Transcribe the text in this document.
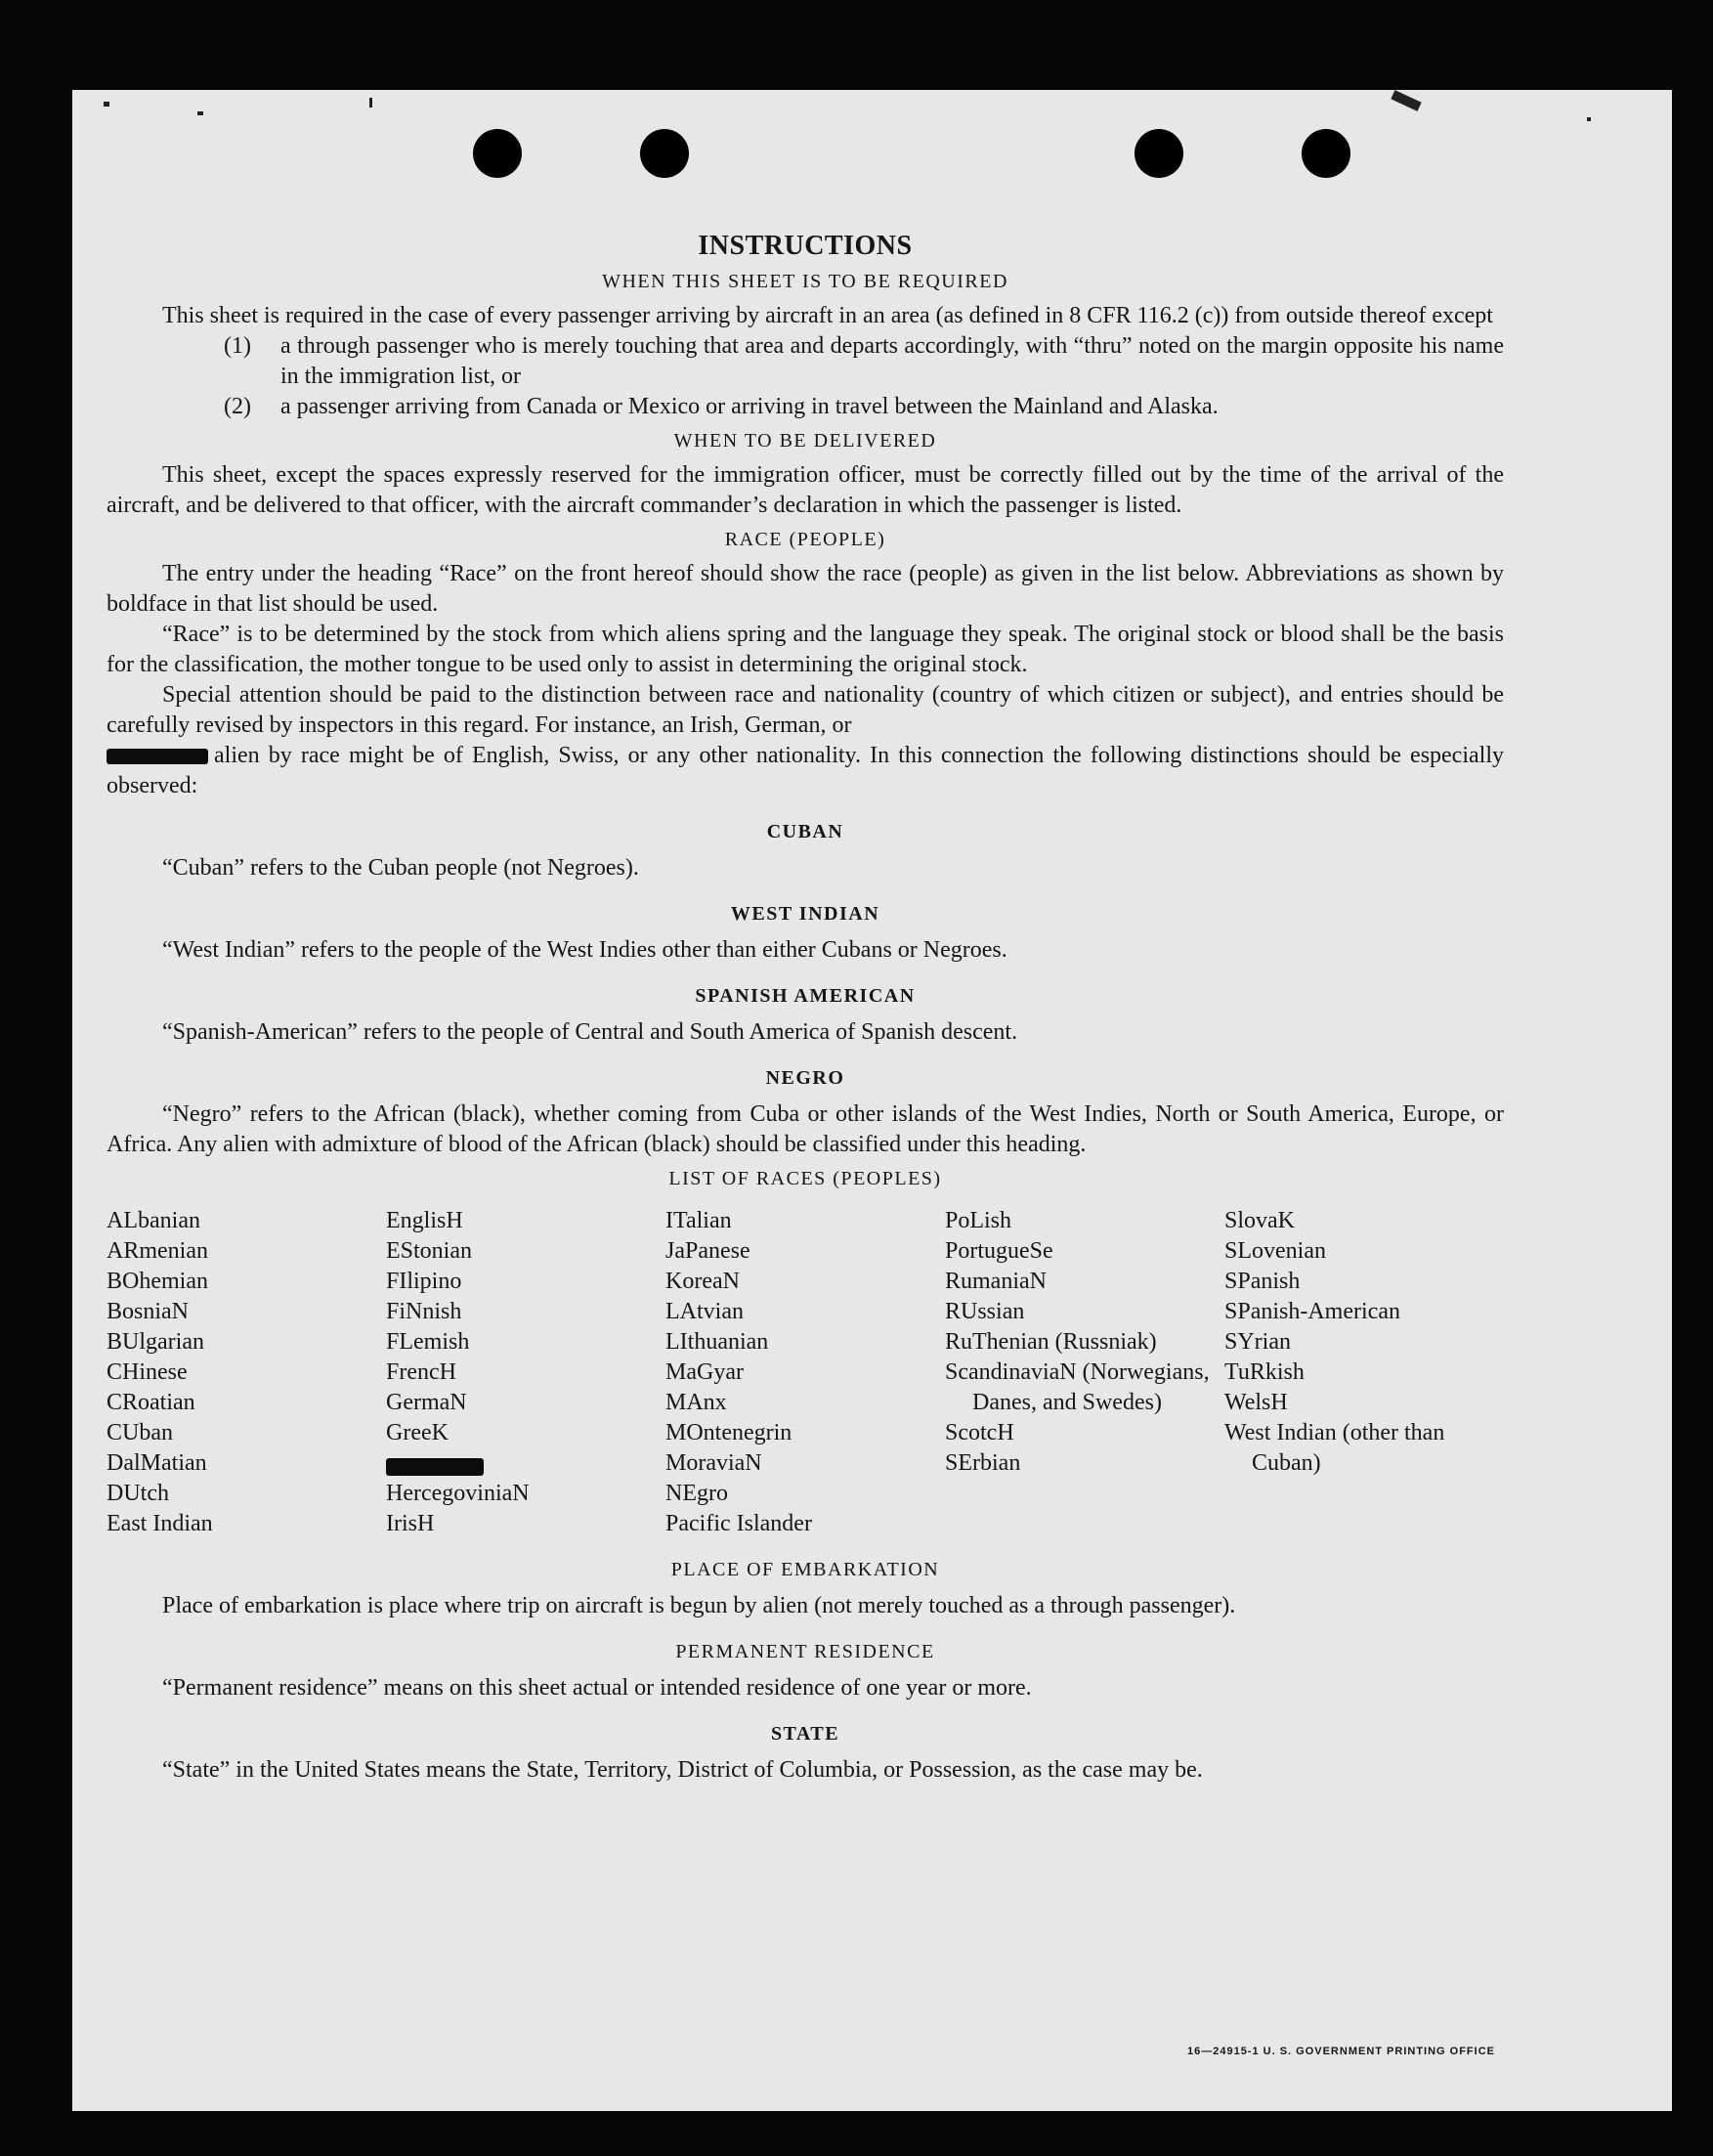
16—24915-1 U. S. GOVERNMENT PRINTING OFFICE
INSTRUCTIONS
WHEN THIS SHEET IS TO BE REQUIRED

This sheet is required in the case of every passenger arriving by aircraft in an area (as defined in 8 CFR 116.2 (c)) from outside thereof except

(1)	a through passenger who is merely touching that area and departs accordingly, with “thru” noted on the margin opposite his name in the immigration list, or
(2)	a passenger arriving from Canada or Mexico or arriving in travel between the Mainland and Alaska.
WHEN TO BE DELIVERED

This sheet, except the spaces expressly reserved for the immigration officer, must be correctly filled out by the time of the arrival of the aircraft, and be delivered to that officer, with the aircraft commander’s declaration in which the passenger is listed.

RACE (PEOPLE)

The entry under the heading “Race” on the front hereof should show the race (people) as given in the list below. Abbreviations as shown by boldface in that list should be used.

“Race” is to be determined by the stock from which aliens spring and the language they speak. The original stock or blood shall be the basis for the classification, the mother tongue to be used only to assist in determining the original stock.

Special attention should be paid to the distinction between race and nationality (country of which citizen or subject), and entries should be carefully revised by inspectors in this regard. For instance, an Irish, German, or
alien by race might be of English, Swiss, or any other nationality. In this connection the following distinctions should be especially observed:

CUBAN

“Cuban” refers to the Cuban people (not Negroes).

WEST INDIAN

“West Indian” refers to the people of the West Indies other than either Cubans or Negroes.

SPANISH AMERICAN

“Spanish-American” refers to the people of Central and South America of Spanish descent.

NEGRO

“Negro” refers to the African (black), whether coming from Cuba or other islands of the West Indies, North or South America, Europe, or Africa. Any alien with admixture of blood of the African (black) should be classified under this heading.

LIST OF RACES (PEOPLES)
ALbanian
ARmenian
BOhemian
BosniaN
BUlgarian
CHinese
CRoatian
CUban
DalMatian
DUtch
East Indian
EnglisH
EStonian
FIlipino
FiNnish
FLemish
FrencH
GermaN
GreeK
HercegoviniaN
IrisH
ITalian
JaPanese
KoreaN
LAtvian
LIthuanian
MaGyar
MAnx
MOntenegrin
MoraviaN
NEgro
Pacific Islander
PoLish
PortugueSe
RumaniaN
RUssian
RuThenian (Russniak)
ScandinaviaN (Norwegians, Danes, and Swedes)
ScotcH
SErbian
SlovaK
SLovenian
SPanish
SPanish-American
SYrian
TuRkish
WelsH
West Indian (other than Cuban)
PLACE OF EMBARKATION

Place of embarkation is place where trip on aircraft is begun by alien (not merely touched as a through passenger).

PERMANENT RESIDENCE

“Permanent residence” means on this sheet actual or intended residence of one year or more.

STATE

“State” in the United States means the State, Territory, District of Columbia, or Possession, as the case may be.
